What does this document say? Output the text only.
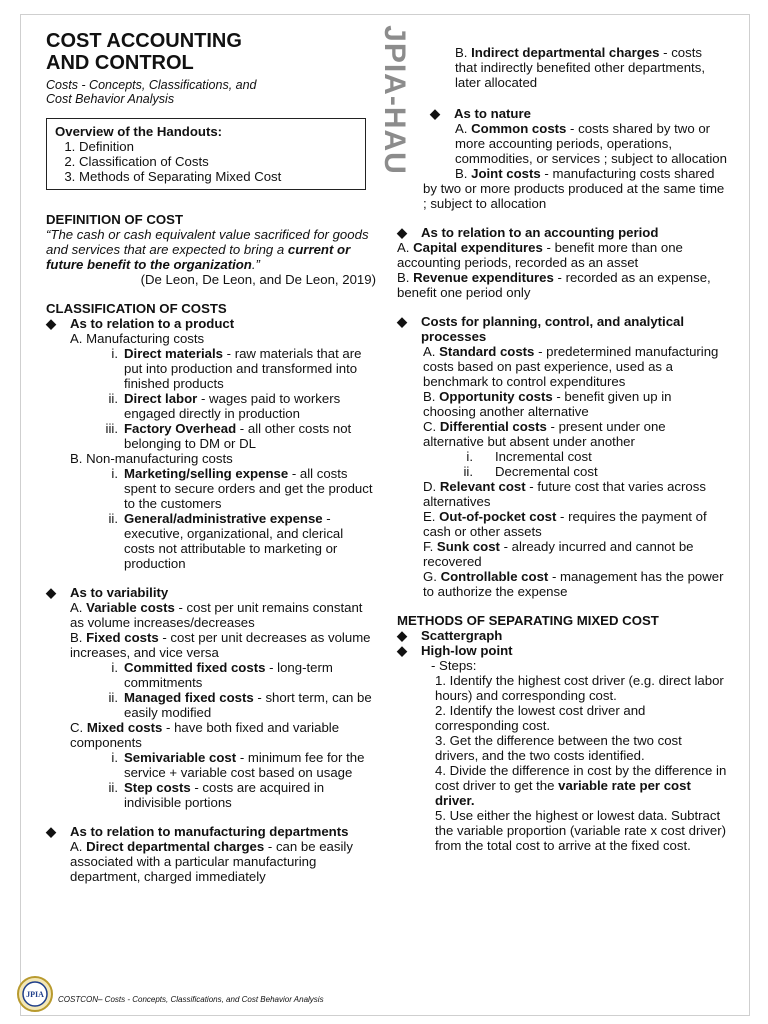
JPIA-HAU
COST ACCOUNTING
AND CONTROL
Costs - Concepts, Classifications, and
Cost Behavior Analysis
Overview of the Handouts:
1. Definition
2. Classification of Costs
3. Methods of Separating Mixed Cost
DEFINITION OF COST
“The cash or cash equivalent value sacrificed for goods and services that are expected to bring a current or future benefit to the organization.”
(De Leon, De Leon, and De Leon, 2019)
CLASSIFICATION OF COSTS
◆	As to relation to a product
A. Manufacturing costs
i. Direct materials - raw materials that are put into production and transformed into finished products
ii. Direct labor - wages paid to workers engaged directly in production
iii. Factory Overhead - all other costs not belonging to DM or DL
B. Non-manufacturing costs
i. Marketing/selling expense - all costs spent to secure orders and get the product to the customers
ii. General/administrative expense - executive, organizational, and clerical costs not attributable to marketing or production
◆	As to variability
A. Variable costs - cost per unit remains constant as volume increases/decreases
B. Fixed costs - cost per unit decreases as volume increases, and vice versa
i. Committed fixed costs - long-term commitments
ii. Managed fixed costs - short term, can be easily modified
C. Mixed costs - have both fixed and variable components
i. Semivariable cost - minimum fee for the service + variable cost based on usage
ii. Step costs - costs are acquired in indivisible portions
◆	As to relation to manufacturing departments
A. Direct departmental charges - can be easily associated with a particular manufacturing department, charged immediately
B. Indirect departmental charges - costs that indirectly benefited other departments, later allocated
◆	As to nature
A. Common costs - costs shared by two or more accounting periods, operations, commodities, or services ; subject to allocation
B. Joint costs - manufacturing costs shared by two or more products produced at the same time ; subject to allocation
◆	As to relation to an accounting period
A. Capital expenditures - benefit more than one accounting periods, recorded as an asset
B. Revenue expenditures - recorded as an expense, benefit one period only
◆	Costs for planning, control, and analytical processes
A. Standard costs - predetermined manufacturing costs based on past experience, used as a benchmark to control expenditures
B. Opportunity costs - benefit given up in choosing another alternative
C. Differential costs - present under one alternative but absent under another
i.	Incremental cost
ii.	Decremental cost
D. Relevant cost - future cost that varies across alternatives
E. Out-of-pocket cost - requires the payment of cash or other assets
F. Sunk cost - already incurred and cannot be recovered
G. Controllable cost - management has the power to authorize the expense
METHODS OF SEPARATING MIXED COST
◆	Scattergraph
◆	High-low point
- Steps:
1. Identify the highest cost driver (e.g. direct labor hours) and corresponding cost.
2. Identify the lowest cost driver and corresponding cost.
3. Get the difference between the two cost drivers, and the two costs identified.
4. Divide the difference in cost by the difference in cost driver to get the variable rate per cost driver.
5. Use either the highest or lowest data. Subtract the variable proportion (variable rate x cost driver) from the total cost to arrive at the fixed cost.
JPIA
COSTCON– Costs - Concepts, Classifications, and Cost Behavior Analysis
